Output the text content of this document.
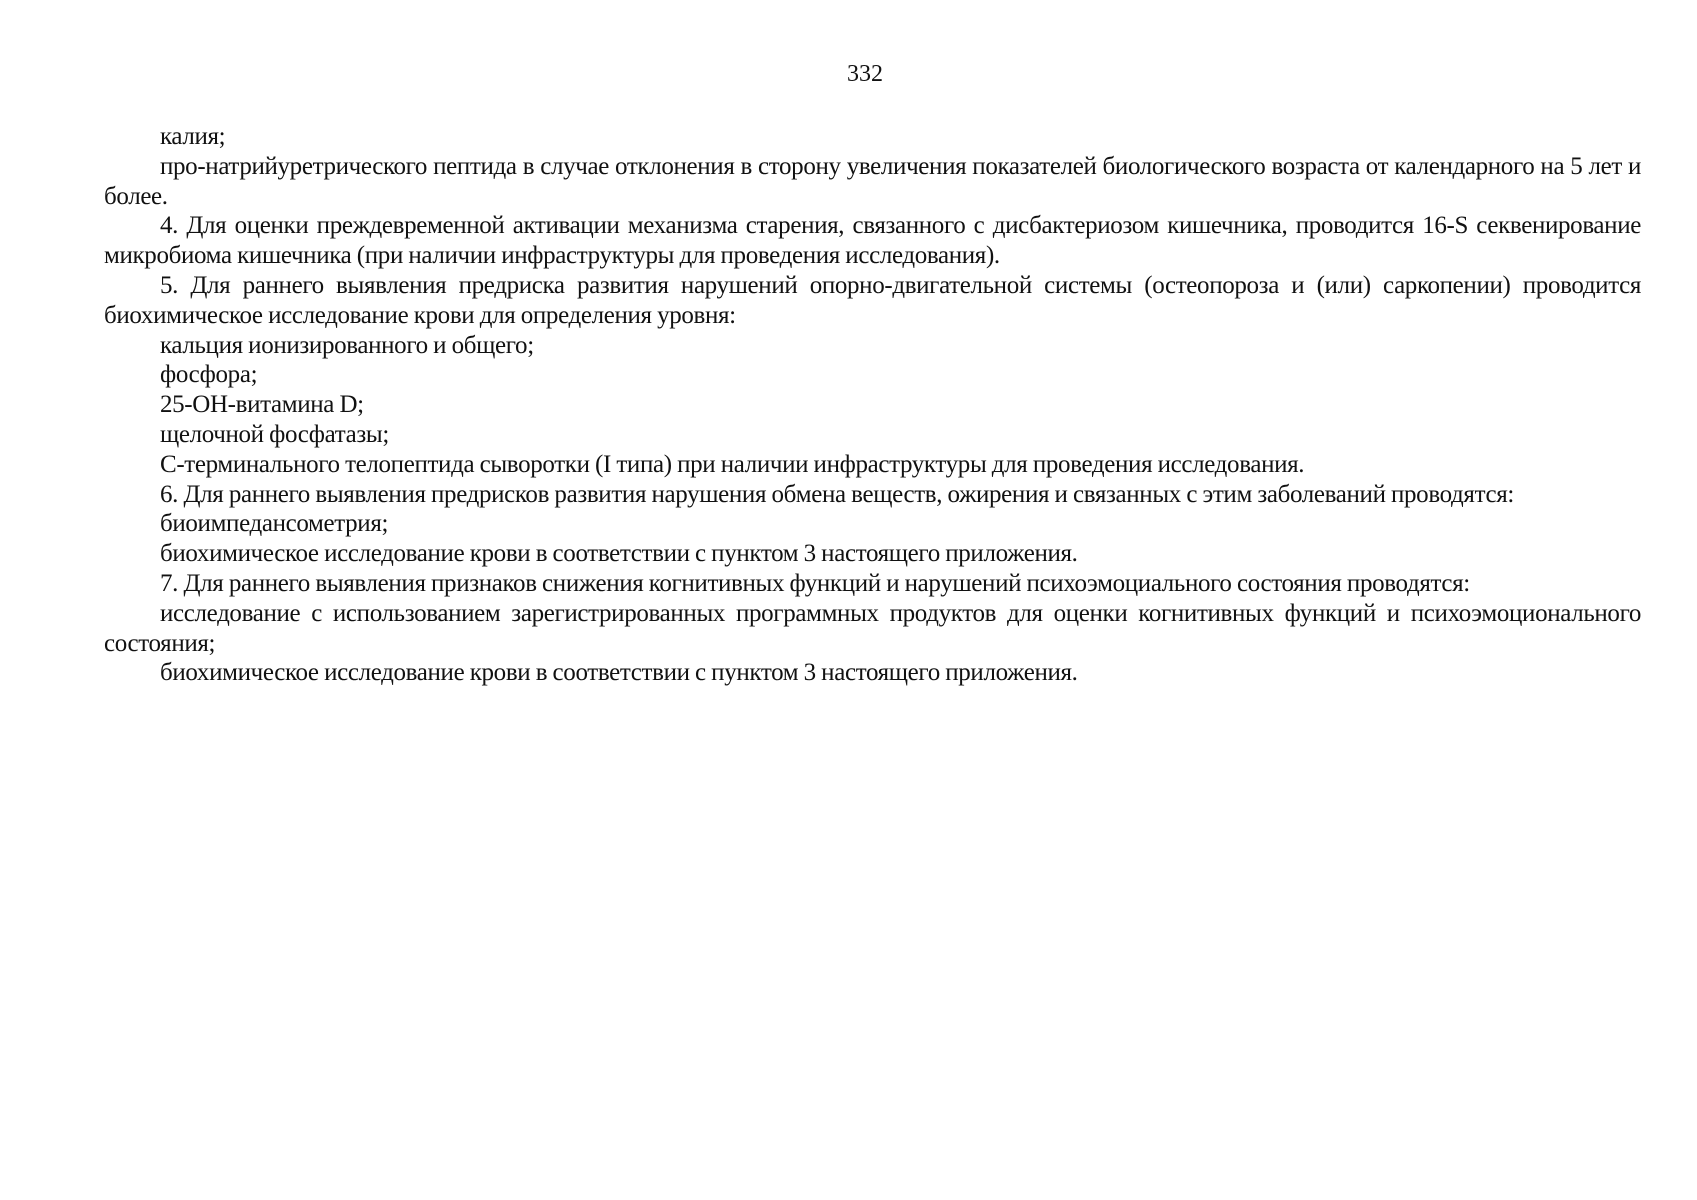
332

калия;

про-натрийуретрического пептида в случае отклонения в сторону увеличения показателей биологического возраста от календарного на 5 лет и более.

4. Для оценки преждевременной активации механизма старения, связанного с дисбактериозом кишечника, проводится 16-S секвенирование микробиома кишечника (при наличии инфраструктуры для проведения исследования).

5. Для раннего выявления предриска развития нарушений опорно-двигательной системы (остеопороза и (или) саркопении) проводится биохимическое исследование крови для определения уровня:

кальция ионизированного и общего;

фосфора;

25-ОН-витамина D;

щелочной фосфатазы;

С-терминального телопептида сыворотки (I типа) при наличии инфраструктуры для проведения исследования.

6. Для раннего выявления предрисков развития нарушения обмена веществ, ожирения и связанных с этим заболеваний проводятся:

биоимпедансометрия;

биохимическое исследование крови в соответствии с пунктом 3 настоящего приложения.

7. Для раннего выявления признаков снижения когнитивных функций и нарушений психоэмоциального состояния проводятся:

исследование с использованием зарегистрированных программных продуктов для оценки когнитивных функций и психоэмоционального состояния;

биохимическое исследование крови в соответствии с пунктом 3 настоящего приложения.
